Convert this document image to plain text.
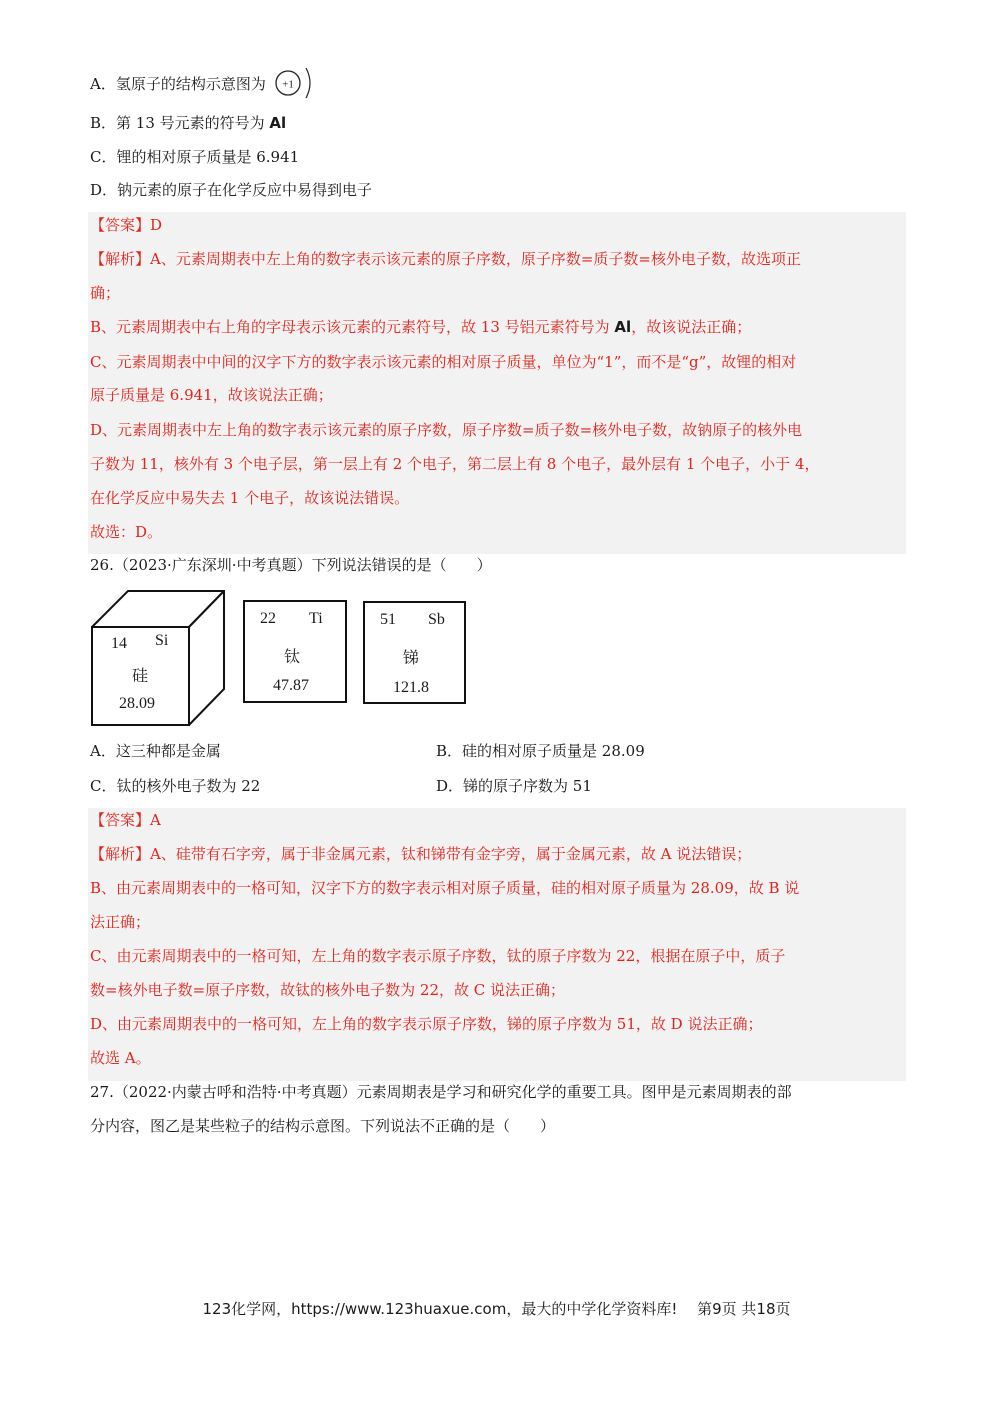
A．氢原子的结构示意图为 +1
B．第 13 号元素的符号为 Al
C．锂的相对原子质量是 6.941
D．钠元素的原子在化学反应中易得到电子
【答案】D
【解析】A、元素周期表中左上角的数字表示该元素的原子序数，原子序数=质子数=核外电子数，故选项正
确；
B、元素周期表中右上角的字母表示该元素的元素符号，故 13 号铝元素符号为 Al，故该说法正确；
C、元素周期表中中间的汉字下方的数字表示该元素的相对原子质量，单位为“1”，而不是“g”，故锂的相对
原子质量是 6.941，故该说法正确；
D、元素周期表中左上角的数字表示该元素的原子序数，原子序数=质子数=核外电子数，故钠原子的核外电
子数为 11，核外有 3 个电子层，第一层上有 2 个电子，第二层上有 8 个电子，最外层有 1 个电子，小于 4，
在化学反应中易失去 1 个电子，故该说法错误。
故选：D。
26.（2023·广东深圳·中考真题）下列说法错误的是（　　）
14 Si
硅
28.09
22 Ti
钛
47.87
51 Sb
锑
121.8
A．这三种都是金属	B．硅的相对原子质量是 28.09
C．钛的核外电子数为 22	D．锑的原子序数为 51
【答案】A
【解析】A、硅带有石字旁，属于非金属元素，钛和锑带有金字旁，属于金属元素，故 A 说法错误；
B、由元素周期表中的一格可知，汉字下方的数字表示相对原子质量，硅的相对原子质量为 28.09，故 B 说
法正确；
C、由元素周期表中的一格可知，左上角的数字表示原子序数，钛的原子序数为 22，根据在原子中，质子
数=核外电子数=原子序数，故钛的核外电子数为 22，故 C 说法正确；
D、由元素周期表中的一格可知，左上角的数字表示原子序数，锑的原子序数为 51，故 D 说法正确；
故选 A。
27.（2022·内蒙古呼和浩特·中考真题）元素周期表是学习和研究化学的重要工具。图甲是元素周期表的部
分内容，图乙是某些粒子的结构示意图。下列说法不正确的是（　　）
123化学网，https://www.123huaxue.com，最大的中学化学资料库!　 第9页 共18页
